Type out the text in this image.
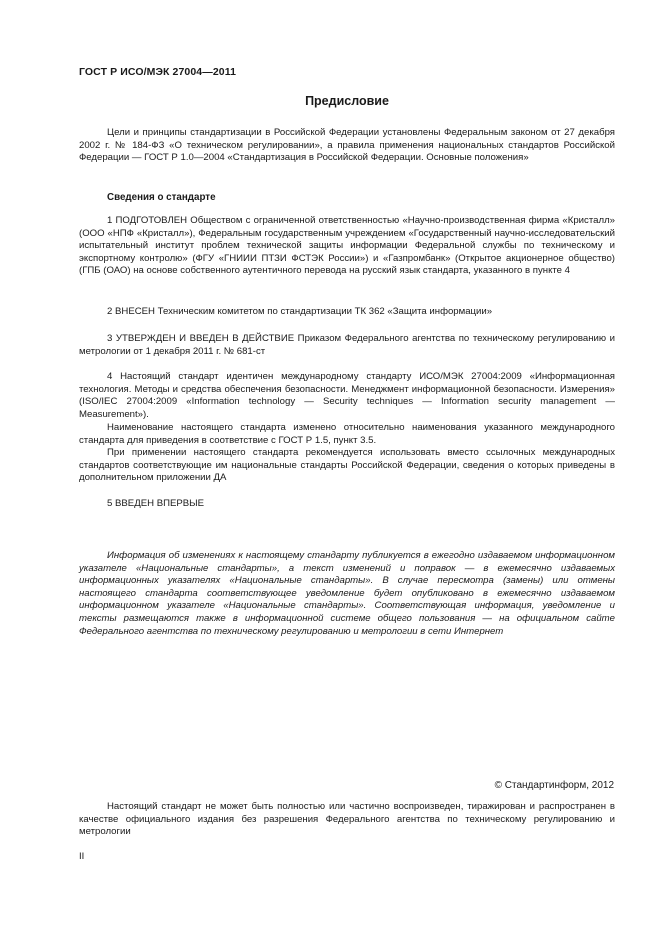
ГОСТ Р ИСО/МЭК 27004—2011
Предисловие

Цели и принципы стандартизации в Российской Федерации установлены Федеральным законом от 27 декабря 2002 г. № 184-ФЗ «О техническом регулировании», а правила применения национальных стандартов Российской Федерации — ГОСТ Р 1.0—2004 «Стандартизация в Российской Федерации. Основные положения»

Сведения о стандарте

1 ПОДГОТОВЛЕН Обществом с ограниченной ответственностью «Научно-производственная фирма «Кристалл» (ООО «НПФ «Кристалл»), Федеральным государственным учреждением «Государственный научно-исследовательский испытательный институт проблем технической защиты информации Федеральной службы по техническому и экспортному контролю» (ФГУ «ГНИИИ ПТЗИ ФСТЭК России») и «Газпромбанк» (Открытое акционерное общество) (ГПБ (ОАО) на основе собственного аутентичного перевода на русский язык стандарта, указанного в пункте 4

2 ВНЕСЕН Техническим комитетом по стандартизации ТК 362 «Защита информации»

3 УТВЕРЖДЕН И ВВЕДЕН В ДЕЙСТВИЕ Приказом Федерального агентства по техническому регулированию и метрологии от 1 декабря 2011 г. № 681-ст

4 Настоящий стандарт идентичен международному стандарту ИСО/МЭК 27004:2009 «Информационная технология. Методы и средства обеспечения безопасности. Менеджмент информационной безопасности. Измерения» (ISO/IEC 27004:2009 «Information technology — Security techniques — Information security management — Measurement»).

Наименование настоящего стандарта изменено относительно наименования указанного международного стандарта для приведения в соответствие с ГОСТ Р 1.5, пункт 3.5.

При применении настоящего стандарта рекомендуется использовать вместо ссылочных международных стандартов соответствующие им национальные стандарты Российской Федерации, сведения о которых приведены в дополнительном приложении ДА

5 ВВЕДЕН ВПЕРВЫЕ

Информация об изменениях к настоящему стандарту публикуется в ежегодно издаваемом информационном указателе «Национальные стандарты», а текст изменений и поправок — в ежемесячно издаваемых информационных указателях «Национальные стандарты». В случае пересмотра (замены) или отмены настоящего стандарта соответствующее уведомление будет опубликовано в ежемесячно издаваемом информационном указателе «Национальные стандарты». Соответствующая информация, уведомление и тексты размещаются также в информационной системе общего пользования — на официальном сайте Федерального агентства по техническому регулированию и метрологии в сети Интернет

© Стандартинформ, 2012

Настоящий стандарт не может быть полностью или частично воспроизведен, тиражирован и распространен в качестве официального издания без разрешения Федерального агентства по техническому регулированию и метрологии

II
